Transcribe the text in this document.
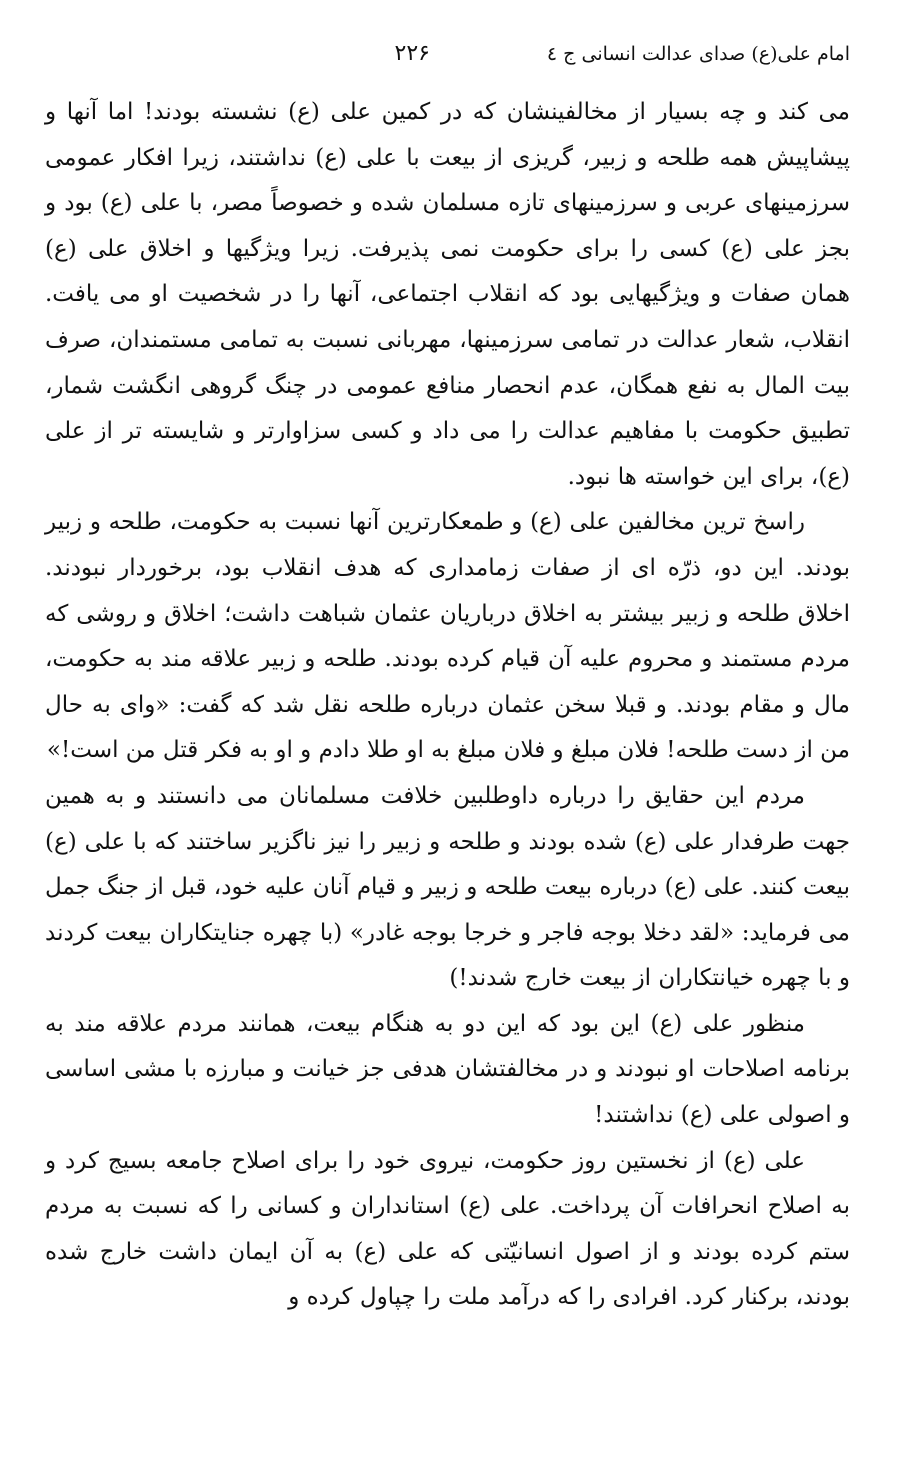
امام علی(ع) صدای عدالت انسانی ج ٤
۲۲۶

می کند و چه بسیار از مخالفینشان که در کمین علی (ع) نشسته بودند! اما آنها و پیشاپیش همه طلحه و زبیر، گریزی از بیعت با علی (ع) نداشتند، زیرا افکار عمومی سرزمینهای عربی و سرزمینهای تازه مسلمان شده و خصوصاً مصر، با علی (ع) بود و بجز علی (ع) کسی را برای حکومت نمی پذیرفت. زیرا ویژگیها و اخلاق علی (ع) همان صفات و ویژگیهایی بود که انقلاب اجتماعی، آنها را در شخصیت او می یافت. انقلاب، شعار عدالت در تمامی سرزمینها، مهربانی نسبت به تمامی مستمندان، صرف بیت المال به نفع همگان، عدم انحصار منافع عمومی در چنگ گروهی انگشت شمار، تطبیق حکومت با مفاهیم عدالت را می داد و کسی سزاوارتر و شایسته تر از علی (ع)، برای این خواسته ها نبود.

راسخ ترین مخالفین علی (ع) و طمعکارترین آنها نسبت به حکومت، طلحه و زبیر بودند. این دو، ذرّه ای از صفات زمامداری که هدف انقلاب بود، برخوردار نبودند. اخلاق طلحه و زبیر بیشتر به اخلاق درباریان عثمان شباهت داشت؛ اخلاق و روشی که مردم مستمند و محروم علیه آن قیام کرده بودند. طلحه و زبیر علاقه مند به حکومت، مال و مقام بودند. و قبلا سخن عثمان درباره طلحه نقل شد که گفت: «وای به حال من از دست طلحه! فلان مبلغ و فلان مبلغ به او طلا دادم و او به فکر قتل من است!»

مردم این حقایق را درباره داوطلبین خلافت مسلمانان می دانستند و به همین جهت طرفدار علی (ع) شده بودند و طلحه و زبیر را نیز ناگزیر ساختند که با علی (ع) بیعت کنند. علی (ع) درباره بیعت طلحه و زبیر و قیام آنان علیه خود، قبل از جنگ جمل می فرماید: «لقد دخلا بوجه فاجر و خرجا بوجه غادر» (با چهره جنایتکاران بیعت کردند و با چهره خیانتکاران از بیعت خارج شدند!)

منظور علی (ع) این بود که این دو به هنگام بیعت، همانند مردم علاقه مند به برنامه اصلاحات او نبودند و در مخالفتشان هدفی جز خیانت و مبارزه با مشی اساسی و اصولی علی (ع) نداشتند!

علی (ع) از نخستین روز حکومت، نیروی خود را برای اصلاح جامعه بسیج کرد و به اصلاح انحرافات آن پرداخت. علی (ع) استانداران و کسانی را که نسبت به مردم ستم کرده بودند و از اصول انسانیّتی که علی (ع) به آن ایمان داشت خارج شده بودند، برکنار کرد. افرادی را که درآمد ملت را چپاول کرده و
